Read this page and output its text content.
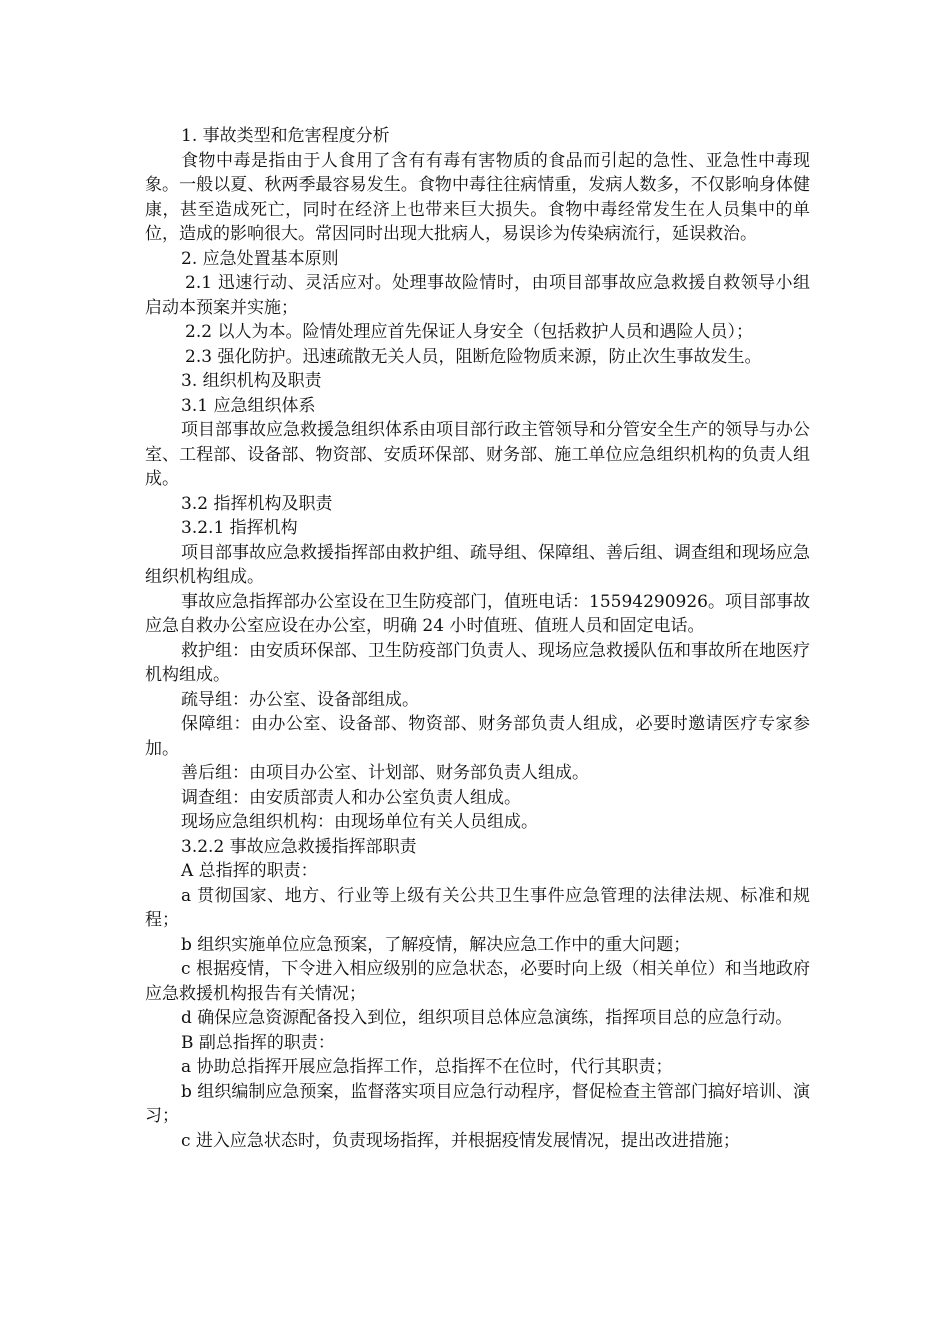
1. 事故类型和危害程度分析

食物中毒是指由于人食用了含有有毒有害物质的食品而引起的急性、亚急性中毒现象。一般以夏、秋两季最容易发生。食物中毒往往病情重，发病人数多，不仅影响身体健康，甚至造成死亡，同时在经济上也带来巨大损失。食物中毒经常发生在人员集中的单位，造成的影响很大。常因同时出现大批病人，易误诊为传染病流行，延误救治。

2. 应急处置基本原则

2.1 迅速行动、灵活应对。处理事故险情时，由项目部事故应急救援自救领导小组启动本预案并实施；

2.2 以人为本。险情处理应首先保证人身安全（包括救护人员和遇险人员）；

2.3 强化防护。迅速疏散无关人员，阻断危险物质来源，防止次生事故发生。

3. 组织机构及职责

3.1 应急组织体系

项目部事故应急救援急组织体系由项目部行政主管领导和分管安全生产的领导与办公室、工程部、设备部、物资部、安质环保部、财务部、施工单位应急组织机构的负责人组成。

3.2 指挥机构及职责

3.2.1 指挥机构

项目部事故应急救援指挥部由救护组、疏导组、保障组、善后组、调查组和现场应急组织机构组成。

事故应急指挥部办公室设在卫生防疫部门，值班电话：15594290926。项目部事故应急自救办公室应设在办公室，明确 24 小时值班、值班人员和固定电话。

救护组：由安质环保部、卫生防疫部门负责人、现场应急救援队伍和事故所在地医疗机构组成。

疏导组：办公室、设备部组成。

保障组：由办公室、设备部、物资部、财务部负责人组成，必要时邀请医疗专家参加。

善后组：由项目办公室、计划部、财务部负责人组成。

调查组：由安质部责人和办公室负责人组成。

现场应急组织机构：由现场单位有关人员组成。

3.2.2 事故应急救援指挥部职责

A 总指挥的职责：

a 贯彻国家、地方、行业等上级有关公共卫生事件应急管理的法律法规、标准和规程；

b 组织实施单位应急预案，了解疫情，解决应急工作中的重大问题；

c 根据疫情，下令进入相应级别的应急状态，必要时向上级（相关单位）和当地政府应急救援机构报告有关情况；

d 确保应急资源配备投入到位，组织项目总体应急演练，指挥项目总的应急行动。

B 副总指挥的职责：

a 协助总指挥开展应急指挥工作，总指挥不在位时，代行其职责；

b 组织编制应急预案，监督落实项目应急行动程序，督促检查主管部门搞好培训、演习；

c 进入应急状态时，负责现场指挥，并根据疫情发展情况，提出改进措施；
